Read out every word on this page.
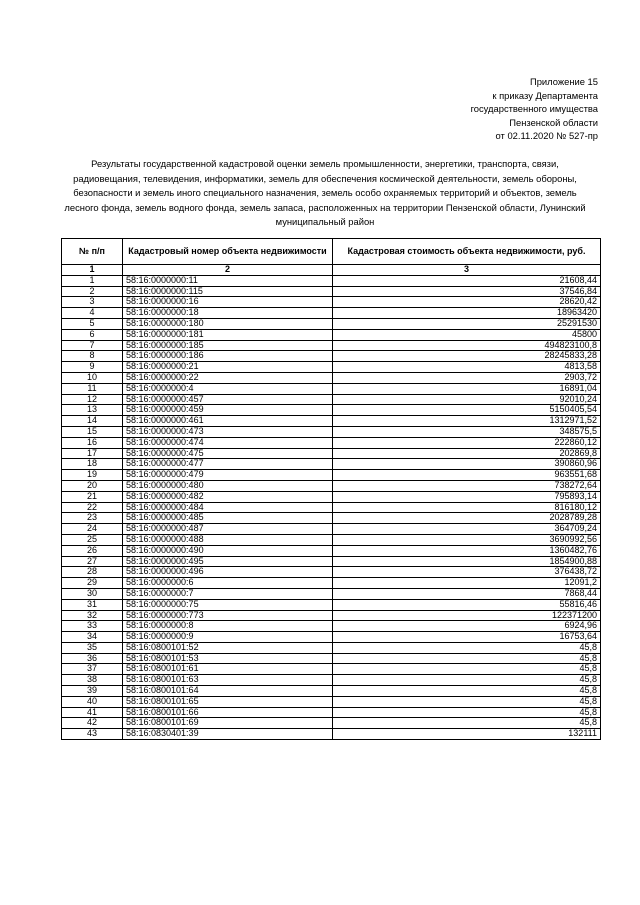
Приложение 15
к приказу Департамента
государственного имущества
Пензенской области
от 02.11.2020 № 527-пр
Результаты государственной кадастровой оценки земель промышленности, энергетики, транспорта, связи, радиовещания, телевидения, информатики, земель для обеспечения космической деятельности, земель обороны, безопасности и земель иного специального назначения, земель особо охраняемых территорий и объектов, земель лесного фонда, земель водного фонда, земель запаса, расположенных на территории Пензенской области, Лунинский муниципальный район
№ п/п	Кадастровый номер объекта недвижимости	Кадастровая стоимость объекта недвижимости, руб.
1	2	3
1	58:16:0000000:11	21608,44
2	58:16:0000000:115	37546,84
3	58:16:0000000:16	28620,42
4	58:16:0000000:18	18963420
5	58:16:0000000:180	25291530
6	58:16:0000000:181	45800
7	58:16:0000000:185	494823100,8
8	58:16:0000000:186	28245833,28
9	58:16:0000000:21	4813,58
10	58:16:0000000:22	2903,72
11	58:16:0000000:4	16891,04
12	58:16:0000000:457	92010,24
13	58:16:0000000:459	5150405,54
14	58:16:0000000:461	1312971,52
15	58:16:0000000:473	348575,5
16	58:16:0000000:474	222860,12
17	58:16:0000000:475	202869,8
18	58:16:0000000:477	390860,96
19	58:16:0000000:479	963551,68
20	58:16:0000000:480	738272,64
21	58:16:0000000:482	795893,14
22	58:16:0000000:484	816180,12
23	58:16:0000000:485	2028789,28
24	58:16:0000000:487	364709,24
25	58:16:0000000:488	3690992,56
26	58:16:0000000:490	1360482,76
27	58:16:0000000:495	1854900,88
28	58:16:0000000:496	376438,72
29	58:16:0000000:6	12091,2
30	58:16:0000000:7	7868,44
31	58:16:0000000:75	55816,46
32	58:16:0000000:773	122371200
33	58:16:0000000:8	6924,96
34	58:16:0000000:9	16753,64
35	58:16:0800101:52	45,8
36	58:16:0800101:53	45,8
37	58:16:0800101:61	45,8
38	58:16:0800101:63	45,8
39	58:16:0800101:64	45,8
40	58:16:0800101:65	45,8
41	58:16:0800101:66	45,8
42	58:16:0800101:69	45,8
43	58:16:0830401:39	132111
